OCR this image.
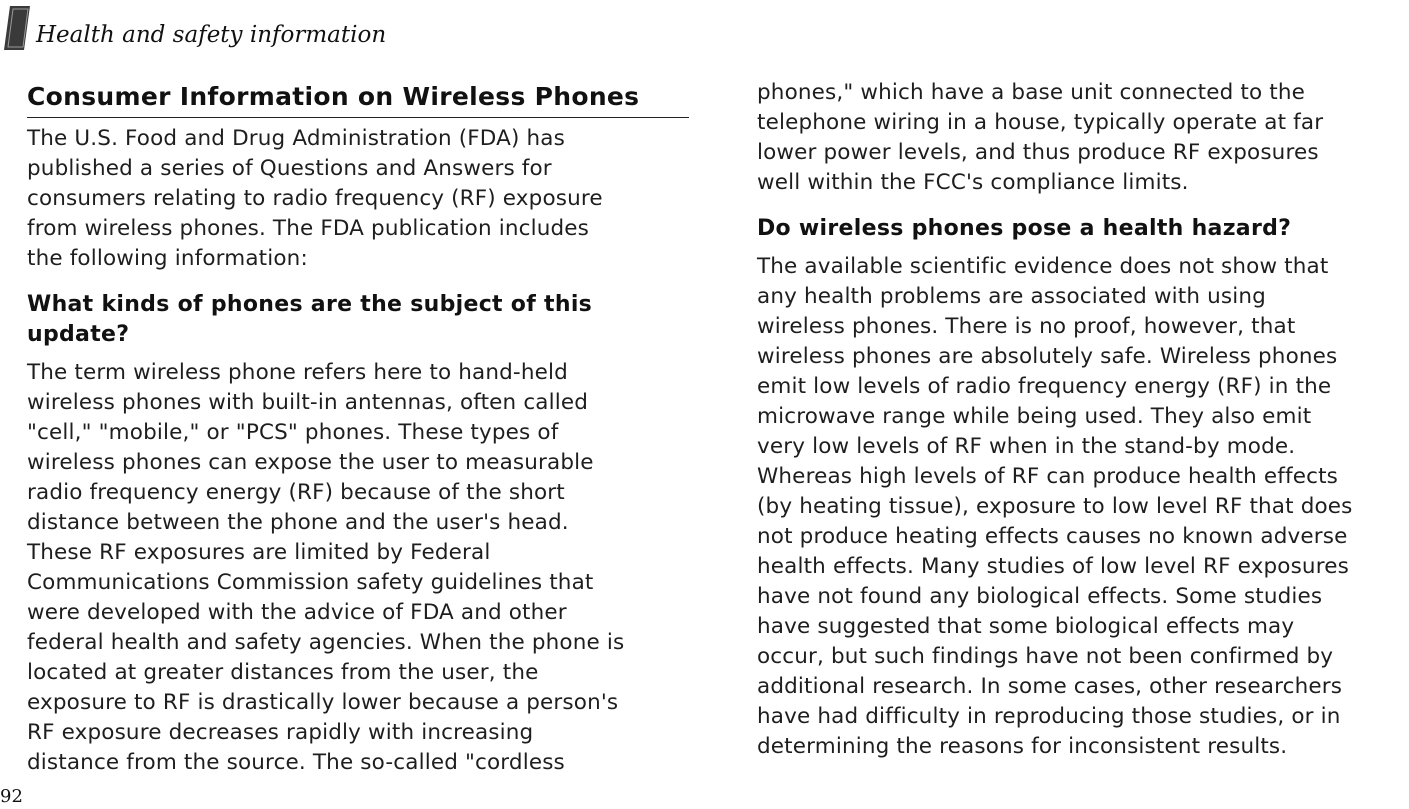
Health and safety information
Consumer Information on Wireless Phones
The U.S. Food and Drug Administration (FDA) has
published a series of Questions and Answers for
consumers relating to radio frequency (RF) exposure
from wireless phones. The FDA publication includes
the following information:
What kinds of phones are the subject of this
update?
The term wireless phone refers here to hand-held
wireless phones with built-in antennas, often called
"cell," "mobile," or "PCS" phones. These types of
wireless phones can expose the user to measurable
radio frequency energy (RF) because of the short
distance between the phone and the user's head.
These RF exposures are limited by Federal
Communications Commission safety guidelines that
were developed with the advice of FDA and other
federal health and safety agencies. When the phone is
located at greater distances from the user, the
exposure to RF is drastically lower because a person's
RF exposure decreases rapidly with increasing
distance from the source. The so-called "cordless
phones," which have a base unit connected to the
telephone wiring in a house, typically operate at far
lower power levels, and thus produce RF exposures
well within the FCC's compliance limits.
Do wireless phones pose a health hazard?
The available scientific evidence does not show that
any health problems are associated with using
wireless phones. There is no proof, however, that
wireless phones are absolutely safe. Wireless phones
emit low levels of radio frequency energy (RF) in the
microwave range while being used. They also emit
very low levels of RF when in the stand-by mode.
Whereas high levels of RF can produce health effects
(by heating tissue), exposure to low level RF that does
not produce heating effects causes no known adverse
health effects. Many studies of low level RF exposures
have not found any biological effects. Some studies
have suggested that some biological effects may
occur, but such findings have not been confirmed by
additional research. In some cases, other researchers
have had difficulty in reproducing those studies, or in
determining the reasons for inconsistent results.
92
